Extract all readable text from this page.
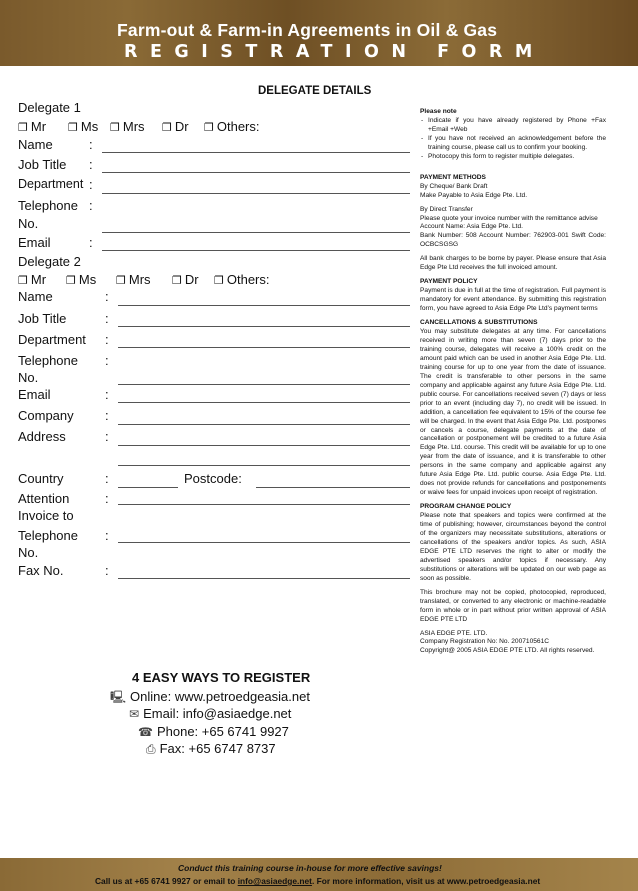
Farm-out & Farm-in Agreements in Oil & Gas
REGISTRATION FORM
DELEGATE DETAILS
Delegate 1
❐ Mr ❐ Ms ❐ Mrs ❐ Dr ❐ Others:
Name	:
Job Title :
Department :
Telephone :
No.
Email	:
Delegate 2
❐ Mr ❐ Ms ❐ Mrs ❐ Dr ❐ Others:
Name	:
Job Title	:
Department :
Telephone :
No.
Email	:
Company :
Address	:
Country	:	Postcode:
Attention	:
Invoice to
Telephone :
No.
Fax No.	:
4 EASY WAYS TO REGISTER
🖳 Online: www.petroedgeasia.net
✉ Email: info@asiaedge.net
☎ Phone: +65 6741 9927
⎙ Fax: +65 6747 8737

Please note

- Indicate if you have already registered by Phone +Fax +Email +Web
- If you have not received an acknowledgement before the training course, please call us to confirm your booking.
- Photocopy this form to register multiple delegates.

PAYMENT METHODS

By Cheque/ Bank Draft

Make Payable to Asia Edge Pte. Ltd.

By Direct Transfer

Please quote your invoice number with the remittance advise

Account Name: Asia Edge Pte. Ltd.

Bank Number: 508 Account Number: 762903-001 Swift Code: OCBCSGSG

All bank charges to be borne by payer. Please ensure that Asia Edge Pte Ltd receives the full invoiced amount.

PAYMENT POLICY

Payment is due in full at the time of registration. Full payment is mandatory for event attendance. By submitting this registration form, you have agreed to Asia Edge Pte Ltd’s payment terms

CANCELLATIONS & SUBSTITUTIONS

You may substitute delegates at any time. For cancellations received in writing more than seven (7) days prior to the training course, delegates will receive a 100% credit on the amount paid which can be used in another Asia Edge Pte. Ltd. training course for up to one year from the date of issuance. The credit is transferable to other persons in the same company and applicable against any future Asia Edge Pte. Ltd. public course. For cancellations received seven (7) days or less prior to an event (including day 7), no credit will be issued. In addition, a cancellation fee equivalent to 15% of the course fee will be charged. In the event that Asia Edge Pte. Ltd. postpones or cancels a course, delegate payments at the date of cancellation or postponement will be credited to a future Asia Edge Pte. Ltd. course. This credit will be available for up to one year from the date of issuance, and it is transferable to other persons in the same company and applicable against any future Asia Edge Pte. Ltd. public course. Asia Edge Pte. Ltd. does not provide refunds for cancellations and postponements or waive fees for unpaid invoices upon receipt of registration.

PROGRAM CHANGE POLICY

Please note that speakers and topics were confirmed at the time of publishing; however, circumstances beyond the control of the organizers may necessitate substitutions, alterations or cancellations of the speakers and/or topics. As such, ASIA EDGE PTE LTD reserves the right to alter or modify the advertised speakers and/or topics if necessary. Any substitutions or alterations will be updated on our web page as soon as possible.

This brochure may not be copied, photocopied, reproduced, translated, or converted to any electronic or machine-readable form in whole or in part without prior written approval of ASIA EDGE PTE LTD

ASIA EDGE PTE. LTD.

Company Registration No: No. 200710561C

Copyright@ 2005 ASIA EDGE PTE LTD. All rights reserved.

Conduct this training course in-house for more effective savings!
Call us at +65 6741 9927 or email to info@asiaedge.net. For more information, visit us at www.petroedgeasia.net
